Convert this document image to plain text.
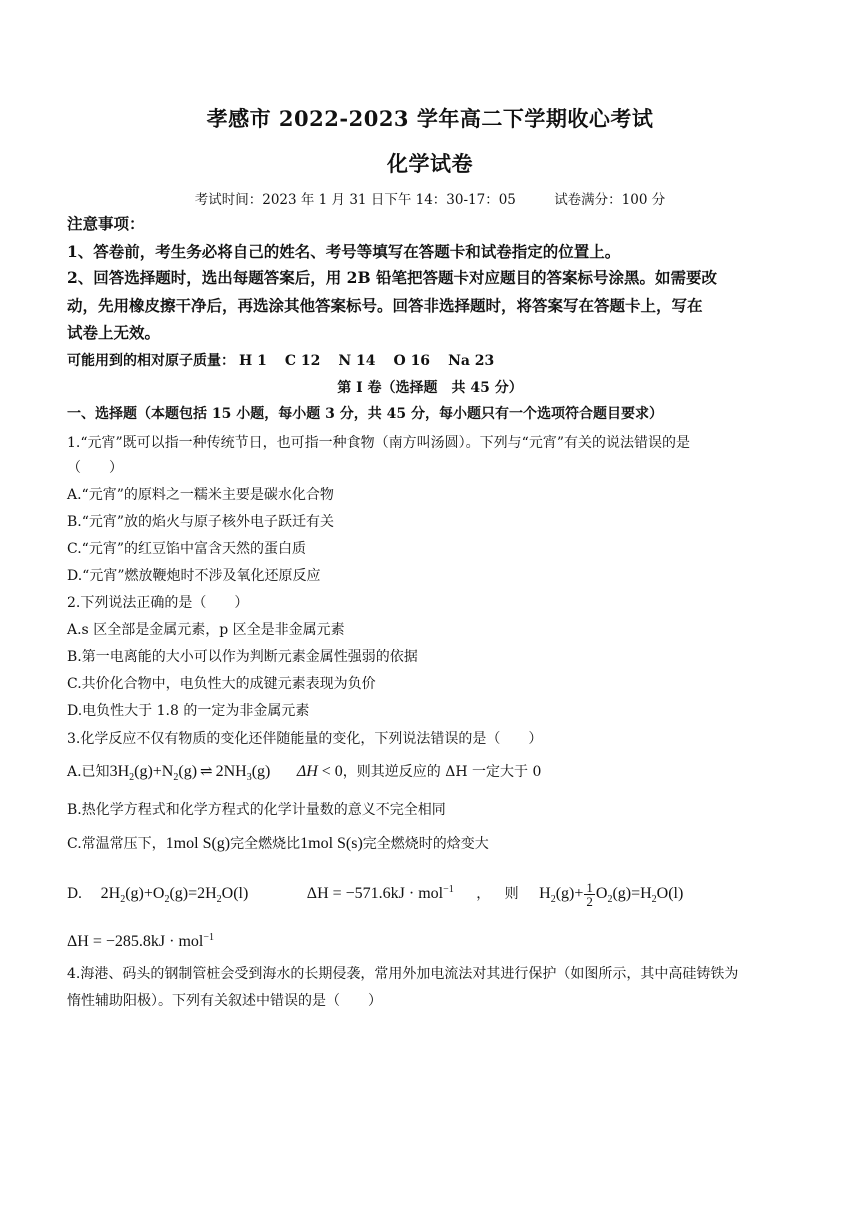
孝感市 2022-2023 学年高二下学期收心考试
化学试卷
考试时间：2023 年 1 月 31 日下午 14：30-17：05	试卷满分：100 分
注意事项：
1、答卷前，考生务必将自己的姓名、考号等填写在答题卡和试卷指定的位置上。
2、回答选择题时，选出每题答案后，用 2B 铅笔把答题卡对应题目的答案标号涂黑。如需要改
动，先用橡皮擦干净后，再选涂其他答案标号。回答非选择题时，将答案写在答题卡上，写在
试卷上无效。
可能用到的相对原子质量： H 1 C 12 N 14 O 16 Na 23
第 I 卷（选择题　共 45 分）
一、选择题（本题包括 15 小题，每小题 3 分，共 45 分，每小题只有一个选项符合题目要求）
1.“元宵”既可以指一种传统节日，也可指一种食物（南方叫汤圆）。下列与“元宵”有关的说法错误的是
（　　）
A.“元宵”的原料之一糯米主要是碳水化合物
B.“元宵”放的焰火与原子核外电子跃迁有关
C.“元宵”的红豆馅中富含天然的蛋白质
D.“元宵”燃放鞭炮时不涉及氧化还原反应
2.下列说法正确的是（　　）
A.s 区全部是金属元素，p 区全是非金属元素
B.第一电离能的大小可以作为判断元素金属性强弱的依据
C.共价化合物中，电负性大的成键元素表现为负价
D.电负性大于 1.8 的一定为非金属元素
3.化学反应不仅有物质的变化还伴随能量的变化，下列说法错误的是（　　）
A.已知$3H_2(g)+N_2(g)$ ⇌ $2NH_3(g) \Delta H < 0$，则其逆反应的 ΔH 一定大于 0
B.热化学方程式和化学方程式的化学计量数的意义不完全相同
C.常温常压下，1mol S(g)完全燃烧比1mol S(s)完全燃烧时的焓变大
D. $2H_2(g)+O_2(g)=2H_2O(l)$	ΔH = −571.6kJ · mol$^{-1}$ ， 则 $H_2(g)+ \frac{1}{2} O_2(g)=H_2O(l)$
ΔH = −285.8kJ · mol$^{-1}$
4.海港、码头的钢制管桩会受到海水的长期侵袭，常用外加电流法对其进行保护（如图所示，其中高硅铸铁为
惰性辅助阳极）。下列有关叙述中错误的是（　　）
